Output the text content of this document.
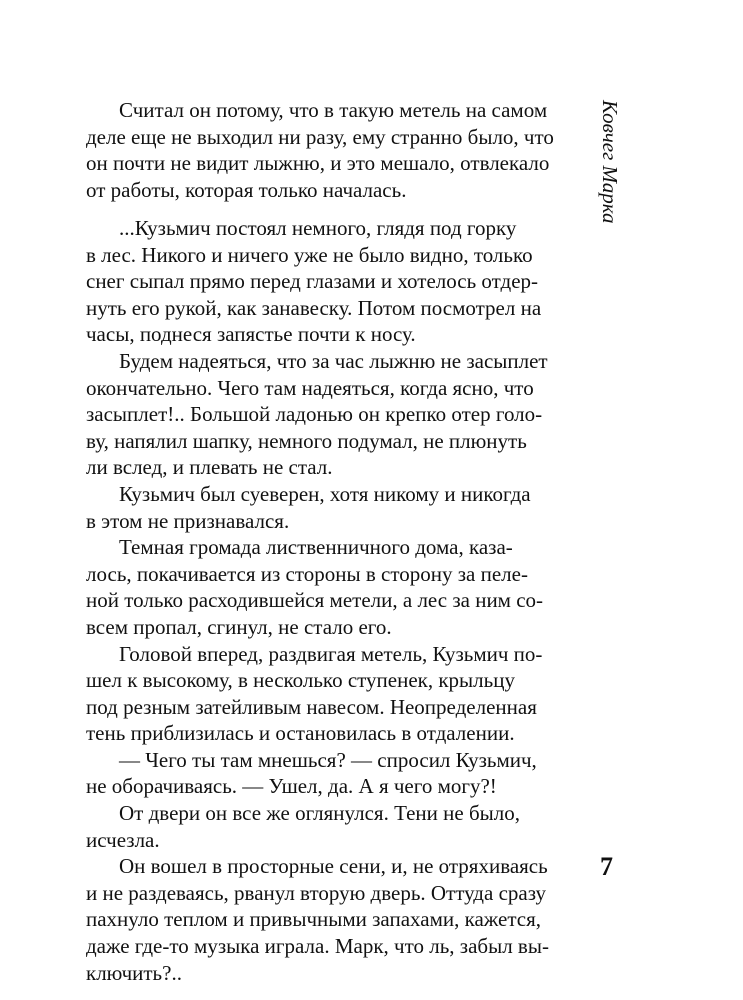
Считал он потому, что в такую метель на самом
деле еще не выходил ни разу, ему странно было, что
он почти не видит лыжню, и это мешало, отвлекало
от работы, которая только началась.

...Кузьмич постоял немного, глядя под горку
в лес. Никого и ничего уже не было видно, только
снег сыпал прямо перед глазами и хотелось отдер-
нуть его рукой, как занавеску. Потом посмотрел на
часы, поднеся запястье почти к носу.

Будем надеяться, что за час лыжню не засыплет
окончательно. Чего там надеяться, когда ясно, что
засыплет!.. Большой ладонью он крепко отер голо-
ву, напялил шапку, немного подумал, не плюнуть
ли вслед, и плевать не стал.

Кузьмич был суеверен, хотя никому и никогда
в этом не признавался.

Темная громада лиственничного дома, каза-
лось, покачивается из стороны в сторону за пеле-
ной только расходившейся метели, а лес за ним со-
всем пропал, сгинул, не стало его.

Головой вперед, раздвигая метель, Кузьмич по-
шел к высокому, в несколько ступенек, крыльцу
под резным затейливым навесом. Неопределенная
тень приблизилась и остановилась в отдалении.

— Чего ты там мнешься? — спросил Кузьмич,
не оборачиваясь. — Ушел, да. А я чего могу?!

От двери он все же оглянулся. Тени не было,
исчезла.

Он вошел в просторные сени, и, не отряхиваясь
и не раздеваясь, рванул вторую дверь. Оттуда сразу
пахнуло теплом и привычными запахами, кажется,
даже где-то музыка играла. Марк, что ль, забыл вы-
ключить?..

Ковчег Марка
7
